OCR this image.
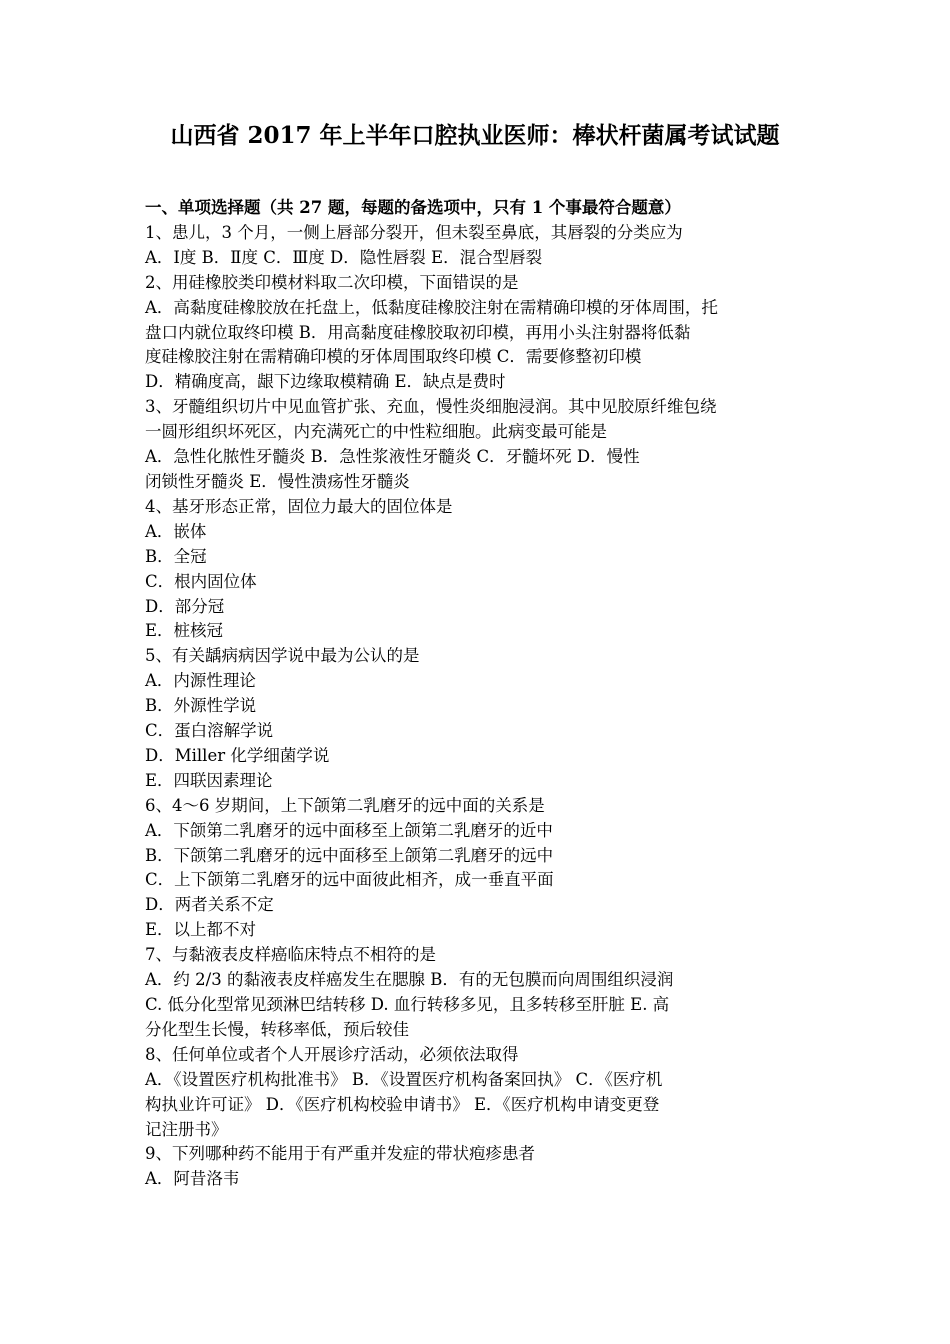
山西省 2017 年上半年口腔执业医师：棒状杆菌属考试试题
一、单项选择题（共 27 题，每题的备选项中，只有 1 个事最符合题意）
1、患儿，3 个月，一侧上唇部分裂开，但未裂至鼻底，其唇裂的分类应为
A．Ⅰ度 B．Ⅱ度 C．Ⅲ度 D．隐性唇裂 E．混合型唇裂
2、用硅橡胶类印模材料取二次印模，下面错误的是
A．高黏度硅橡胶放在托盘上，低黏度硅橡胶注射在需精确印模的牙体周围，托
盘口内就位取终印模 B．用高黏度硅橡胶取初印模，再用小头注射器将低黏
度硅橡胶注射在需精确印模的牙体周围取终印模 C．需要修整初印模
D．精确度高，龈下边缘取模精确 E．缺点是费时
3、牙髓组织切片中见血管扩张、充血，慢性炎细胞浸润。其中见胶原纤维包绕
一圆形组织坏死区，内充满死亡的中性粒细胞。此病变最可能是
A．急性化脓性牙髓炎 B．急性浆液性牙髓炎 C．牙髓坏死 D．慢性
闭锁性牙髓炎 E．慢性溃疡性牙髓炎
4、基牙形态正常，固位力最大的固位体是
A．嵌体
B．全冠
C．根内固位体
D．部分冠
E．桩核冠
5、有关龋病病因学说中最为公认的是
A．内源性理论
B．外源性学说
C．蛋白溶解学说
D．Miller 化学细菌学说
E．四联因素理论
6、4～6 岁期间，上下颌第二乳磨牙的远中面的关系是
A．下颌第二乳磨牙的远中面移至上颌第二乳磨牙的近中
B．下颌第二乳磨牙的远中面移至上颌第二乳磨牙的远中
C．上下颌第二乳磨牙的远中面彼此相齐，成一垂直平面
D．两者关系不定
E．以上都不对
7、与黏液表皮样癌临床特点不相符的是
A．约 2/3 的黏液表皮样癌发生在腮腺 B．有的无包膜而向周围组织浸润
C. 低分化型常见颈淋巴结转移 D. 血行转移多见，且多转移至肝脏 E. 高
分化型生长慢，转移率低，预后较佳
8、任何单位或者个人开展诊疗活动，必须依法取得
A．《设置医疗机构批准书》 B．《设置医疗机构备案回执》 C．《医疗机
构执业许可证》 D．《医疗机构校验申请书》 E．《医疗机构申请变更登
记注册书》
9、下列哪种药不能用于有严重并发症的带状疱疹患者
A．阿昔洛韦
